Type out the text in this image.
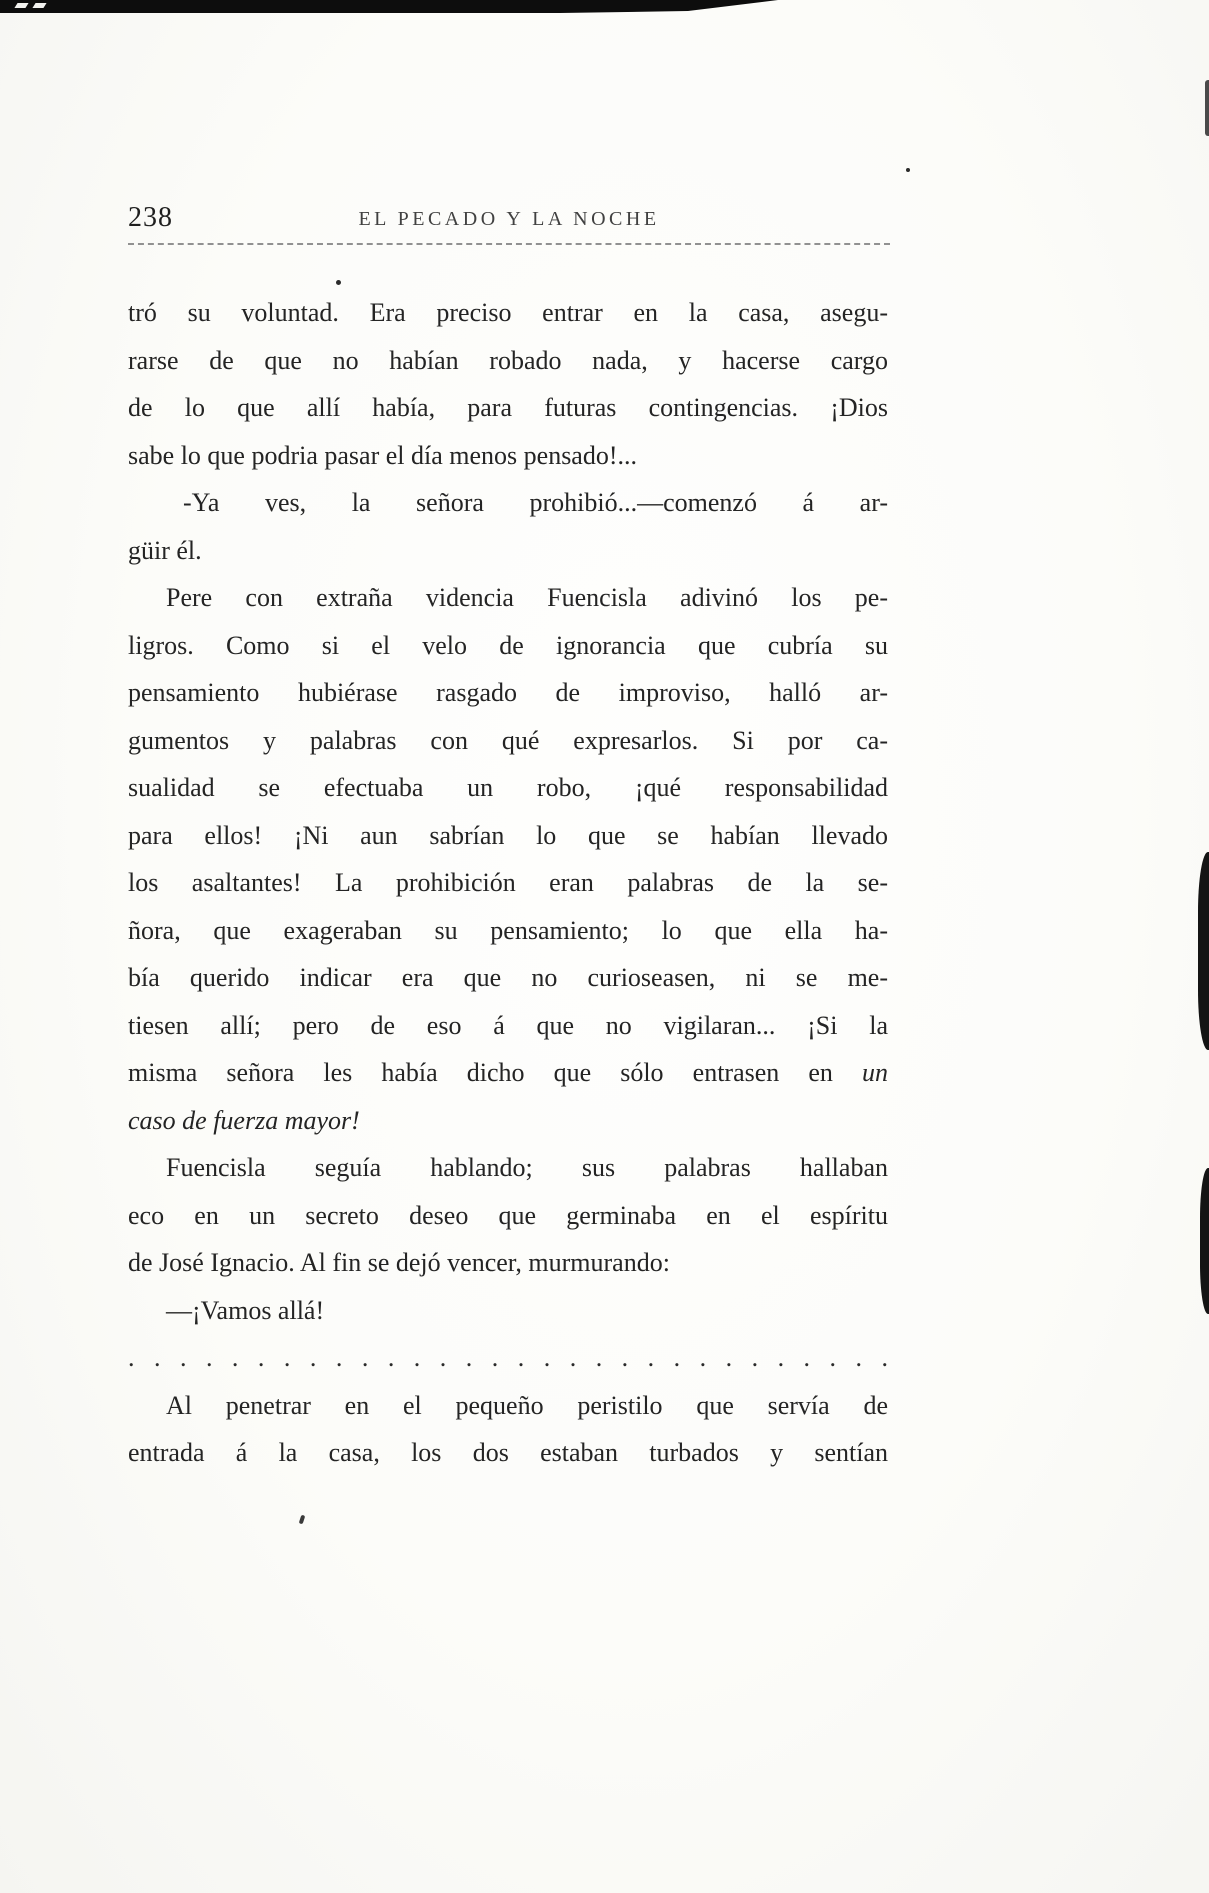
238	EL PECADO Y LA NOCHE
tró su voluntad. Era preciso entrar en la casa, asegu-
rarse de que no habían robado nada, y hacerse cargo
de lo que allí había, para futuras contingencias. ¡Dios
sabe lo que podria pasar el día menos pensado!...
-Ya ves, la señora prohibió...—comenzó á ar-
güir él.
Pere con extraña videncia Fuencisla adivinó los pe-
ligros. Como si el velo de ignorancia que cubría su
pensamiento hubiérase rasgado de improviso, halló ar-
gumentos y palabras con qué expresarlos. Si por ca-
sualidad se efectuaba un robo, ¡qué responsabilidad
para ellos! ¡Ni aun sabrían lo que se habían llevado
los asaltantes! La prohibición eran palabras de la se-
ñora, que exageraban su pensamiento; lo que ella ha-
bía querido indicar era que no curioseasen, ni se me-
tiesen allí; pero de eso á que no vigilaran... ¡Si la
misma señora les había dicho que sólo entrasen en un
caso de fuerza mayor!
Fuencisla seguía hablando; sus palabras hallaban
eco en un secreto deseo que germinaba en el espíritu
de José Ignacio. Al fin se dejó vencer, murmurando:
—¡Vamos allá!
. . . . . . . . . . . . . . . . . . . . . . . . . . . . . .
Al penetrar en el pequeño peristilo que servía de
entrada á la casa, los dos estaban turbados y sentían
